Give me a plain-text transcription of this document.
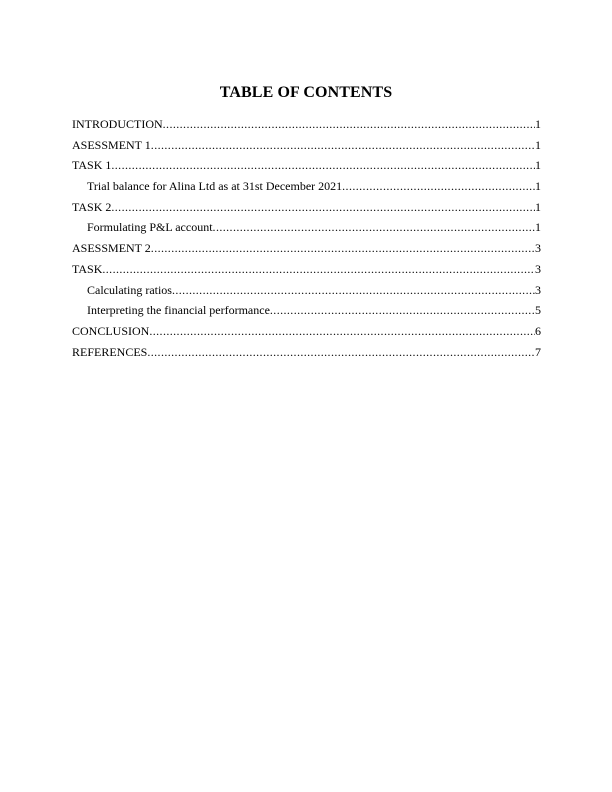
TABLE OF CONTENTS
INTRODUCTION .....	1
ASESSMENT 1 .....	1
TASK 1 .....	1
Trial balance for Alina Ltd as at 31st December 2021 .....	1
TASK 2 .....	1
Formulating P&L account .....	1
ASESSMENT 2 .....	3
TASK .....	3
Calculating ratios .....	3
Interpreting the financial performance .....	5
CONCLUSION .....	6
REFERENCES .....	7
